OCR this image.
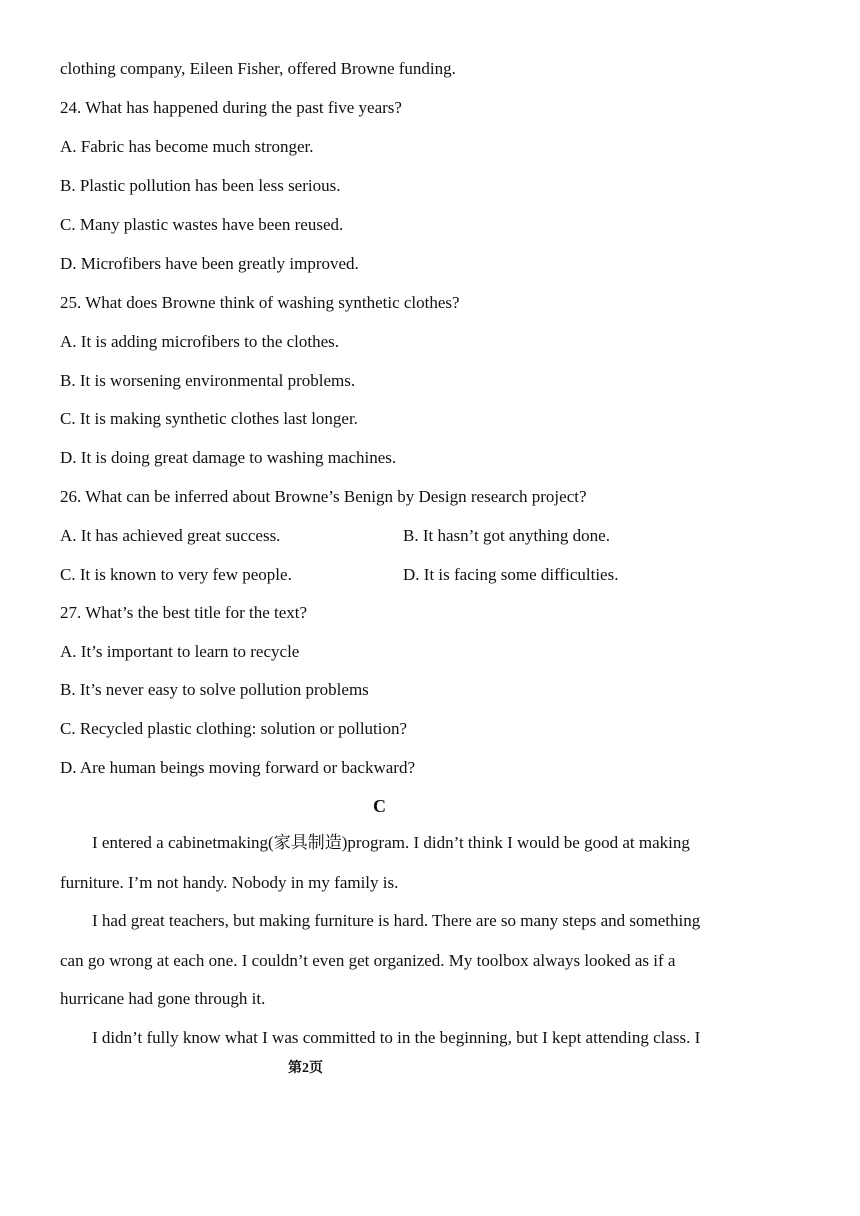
clothing company, Eileen Fisher, offered Browne funding.
24. What has happened during the past five years?
A. Fabric has become much stronger.
B. Plastic pollution has been less serious.
C. Many plastic wastes have been reused.
D. Microfibers have been greatly improved.
25. What does Browne think of washing synthetic clothes?
A. It is adding microfibers to the clothes.
B. It is worsening environmental problems.
C. It is making synthetic clothes last longer.
D. It is doing great damage to washing machines.
26. What can be inferred about Browne’s Benign by Design research project?
A. It has achieved great success.	B. It hasn’t got anything done.
C. It is known to very few people.	D. It is facing some difficulties.
27. What’s the best title for the text?
A. It’s important to learn to recycle
B. It’s never easy to solve pollution problems
C. Recycled plastic clothing: solution or pollution?
D. Are human beings moving forward or backward?
C
I entered a cabinetmaking(家具制造)program. I didn’t think I would be good at making
furniture. I’m not handy. Nobody in my family is.
I had great teachers, but making furniture is hard. There are so many steps and something
can go wrong at each one. I couldn’t even get organized. My toolbox always looked as if a
hurricane had gone through it.
I didn’t fully know what I was committed to in the beginning, but I kept attending class. I
第2页
